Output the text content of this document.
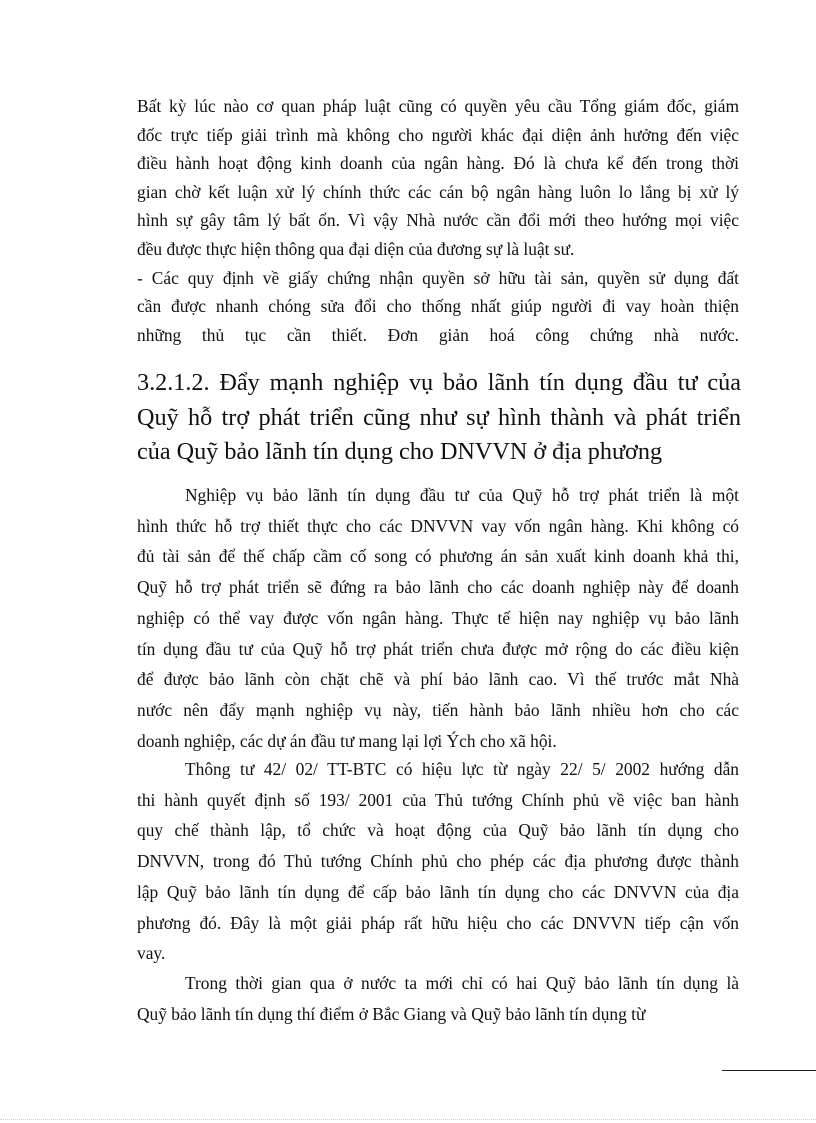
Bất kỳ lúc nào cơ quan pháp luật cũng có quyền yêu cầu Tổng giám đốc, giám
đốc trực tiếp giải trình mà không cho người khác đại diện ảnh hưởng đến việc
điều hành hoạt động kinh doanh của ngân hàng. Đó là chưa kể đến trong thời
gian chờ kết luận xử lý chính thức các cán bộ ngân hàng luôn lo lắng bị xử lý
hình sự gây tâm lý bất ổn. Vì vậy Nhà nước cần đổi mới theo hướng mọi việc
đều được thực hiện thông qua đại diện của đương sự là luật sư.
- Các quy định về giấy chứng nhận quyền sở hữu tài sản, quyền sử dụng đất
cần được nhanh chóng sửa đổi cho thống nhất giúp người đi vay hoàn thiện
những thủ tục cần thiết. Đơn giản hoá công chứng nhà nước.
3.2.1.2. Đẩy mạnh nghiệp vụ bảo lãnh tín dụng đầu tư của
Quỹ hỗ trợ phát triển cũng như sự hình thành và phát triển
của Quỹ bảo lãnh tín dụng cho DNVVN ở địa phương
Nghiệp vụ bảo lãnh tín dụng đầu tư của Quỹ hỗ trợ phát triển là một
hình thức hỗ trợ thiết thực cho các DNVVN vay vốn ngân hàng. Khi không có
đủ tài sản để thế chấp cầm cố song có phương án sản xuất kinh doanh khả thi,
Quỹ hỗ trợ phát triển sẽ đứng ra bảo lãnh cho các doanh nghiệp này để doanh
nghiệp có thể vay được vốn ngân hàng. Thực tế hiện nay nghiệp vụ bảo lãnh
tín dụng đầu tư của Quỹ hỗ trợ phát triển chưa được mở rộng do các điều kiện
để được bảo lãnh còn chặt chẽ và phí bảo lãnh cao. Vì thế trước mắt Nhà
nước nên đẩy mạnh nghiệp vụ này, tiến hành bảo lãnh nhiều hơn cho các
doanh nghiệp, các dự án đầu tư mang lại lợi Ých cho xã hội.
Thông tư 42/ 02/ TT-BTC có hiệu lực từ ngày 22/ 5/ 2002 hướng dẫn
thi hành quyết định số 193/ 2001 của Thủ tướng Chính phủ về việc ban hành
quy chế thành lập, tổ chức và hoạt động của Quỹ bảo lãnh tín dụng cho
DNVVN, trong đó Thủ tướng Chính phủ cho phép các địa phương được thành
lập Quỹ bảo lãnh tín dụng để cấp bảo lãnh tín dụng cho các DNVVN của địa
phương đó. Đây là một giải pháp rất hữu hiệu cho các DNVVN tiếp cận vốn
vay.
Trong thời gian qua ở nước ta mới chỉ có hai Quỹ bảo lãnh tín dụng là
Quỹ bảo lãnh tín dụng thí điểm ở Bắc Giang và Quỹ bảo lãnh tín dụng từ
